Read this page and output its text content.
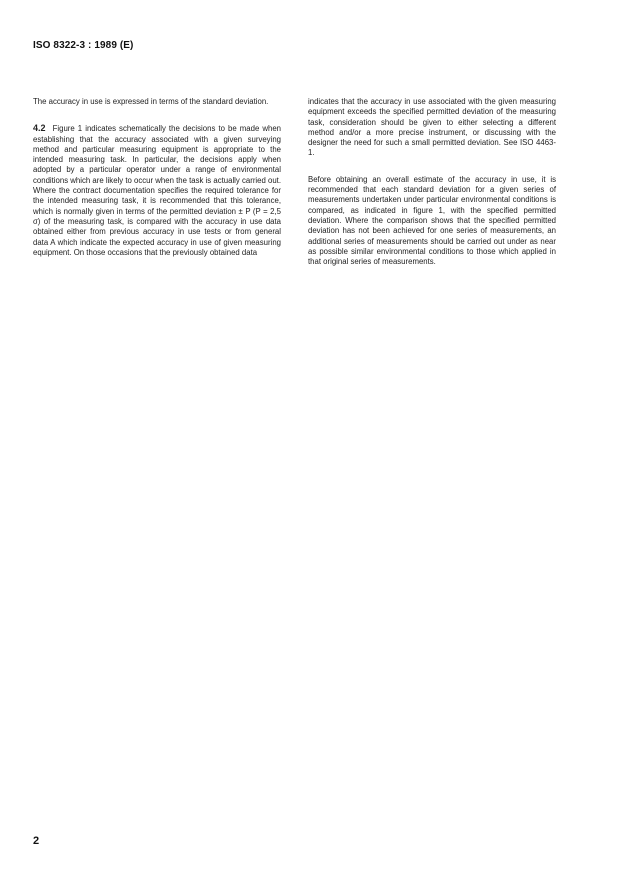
ISO 8322-3 : 1989 (E)

The accuracy in use is expressed in terms of the standard deviation.

4.2 Figure 1 indicates schematically the decisions to be made when establishing that the accuracy associated with a given surveying method and particular measuring equipment is appropriate to the intended measuring task. In particular, the decisions apply when adopted by a particular operator under a range of environmental conditions which are likely to occur when the task is actually carried out. Where the contract documentation specifies the required tolerance for the intended measuring task, it is recommended that this tolerance, which is normally given in terms of the permitted deviation ± P (P = 2,5 σ) of the measuring task, is compared with the accuracy in use data obtained either from previous accuracy in use tests or from general data A which indicate the expected accuracy in use of given measuring equipment. On those occasions that the previously obtained data

indicates that the accuracy in use associated with the given measuring equipment exceeds the specified permitted deviation of the measuring task, consideration should be given to either selecting a different method and/or a more precise instrument, or discussing with the designer the need for such a small permitted deviation. See ISO 4463-1.

Before obtaining an overall estimate of the accuracy in use, it is recommended that each standard deviation for a given series of measurements undertaken under particular environmental conditions is compared, as indicated in figure 1, with the specified permitted deviation. Where the comparison shows that the specified permitted deviation has not been achieved for one series of measurements, an additional series of measurements should be carried out under as near as possible similar environmental conditions to those which applied in that original series of measurements.

2
